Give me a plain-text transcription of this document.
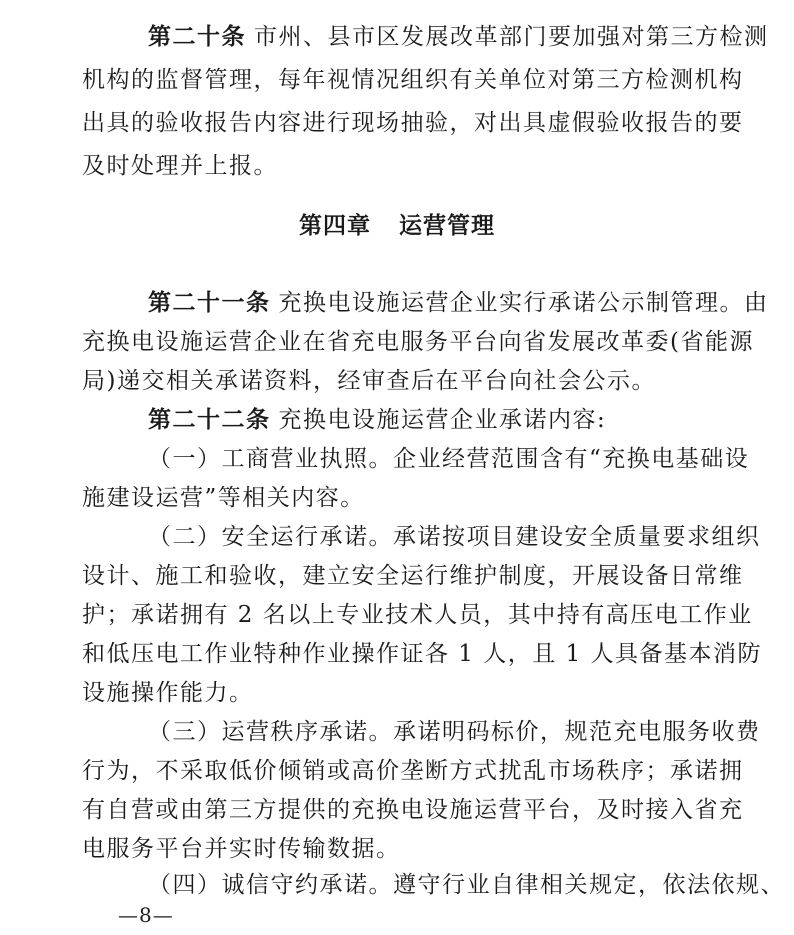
第二十条 市州、县市区发展改革部门要加强对第三方检测
机构的监督管理，每年视情况组织有关单位对第三方检测机构
出具的验收报告内容进行现场抽验，对出具虚假验收报告的要
及时处理并上报。
第四章 运营管理
第二十一条 充换电设施运营企业实行承诺公示制管理。由
充换电设施运营企业在省充电服务平台向省发展改革委(省能源
局)递交相关承诺资料，经审查后在平台向社会公示。
第二十二条 充换电设施运营企业承诺内容:
（一）工商营业执照。企业经营范围含有“充换电基础设
施建设运营”等相关内容。
（二）安全运行承诺。承诺按项目建设安全质量要求组织
设计、施工和验收，建立安全运行维护制度，开展设备日常维
护；承诺拥有 2 名以上专业技术人员，其中持有高压电工作业
和低压电工作业特种作业操作证各 1 人，且 1 人具备基本消防
设施操作能力。
（三）运营秩序承诺。承诺明码标价，规范充电服务收费
行为，不采取低价倾销或高价垄断方式扰乱市场秩序；承诺拥
有自营或由第三方提供的充换电设施运营平台，及时接入省充
—8—
电服务平台并实时传输数据。
（四）诚信守约承诺。遵守行业自律相关规定，依法依规、
